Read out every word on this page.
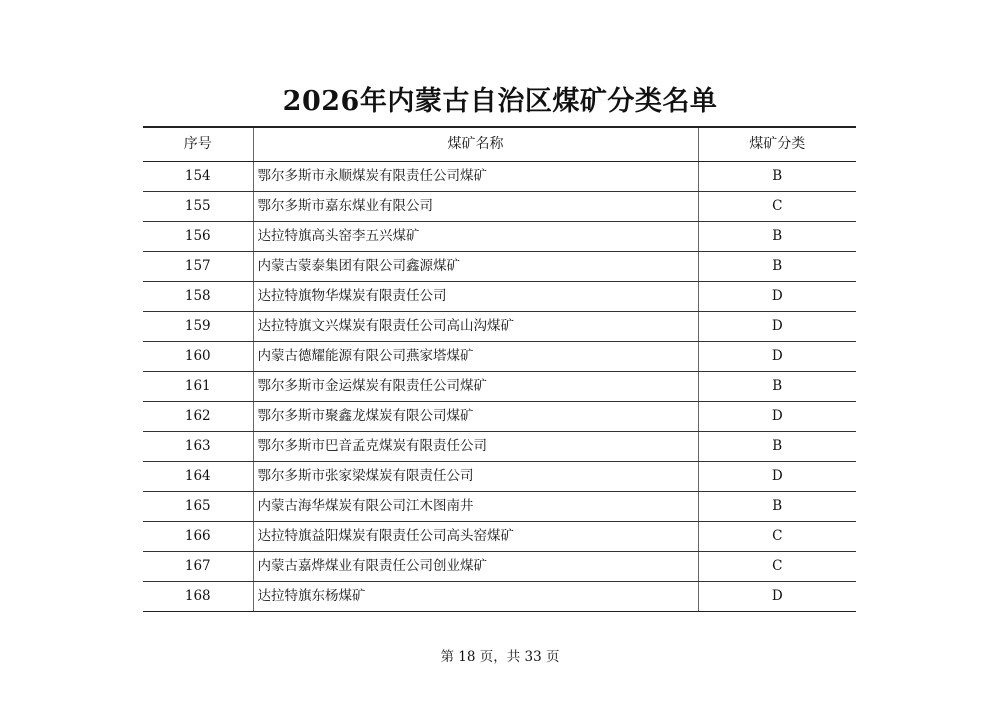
2026年内蒙古自治区煤矿分类名单
序号	煤矿名称	煤矿分类
154	鄂尔多斯市永顺煤炭有限责任公司煤矿	B
155	鄂尔多斯市嘉东煤业有限公司	C
156	达拉特旗高头窑李五兴煤矿	B
157	内蒙古蒙泰集团有限公司鑫源煤矿	B
158	达拉特旗物华煤炭有限责任公司	D
159	达拉特旗文兴煤炭有限责任公司高山沟煤矿	D
160	内蒙古德耀能源有限公司燕家塔煤矿	D
161	鄂尔多斯市金运煤炭有限责任公司煤矿	B
162	鄂尔多斯市聚鑫龙煤炭有限公司煤矿	D
163	鄂尔多斯市巴音孟克煤炭有限责任公司	B
164	鄂尔多斯市张家梁煤炭有限责任公司	D
165	内蒙古海华煤炭有限公司江木图南井	B
166	达拉特旗益阳煤炭有限责任公司高头窑煤矿	C
167	内蒙古嘉烨煤业有限责任公司创业煤矿	C
168	达拉特旗东杨煤矿	D
第 18 页，共 33 页
